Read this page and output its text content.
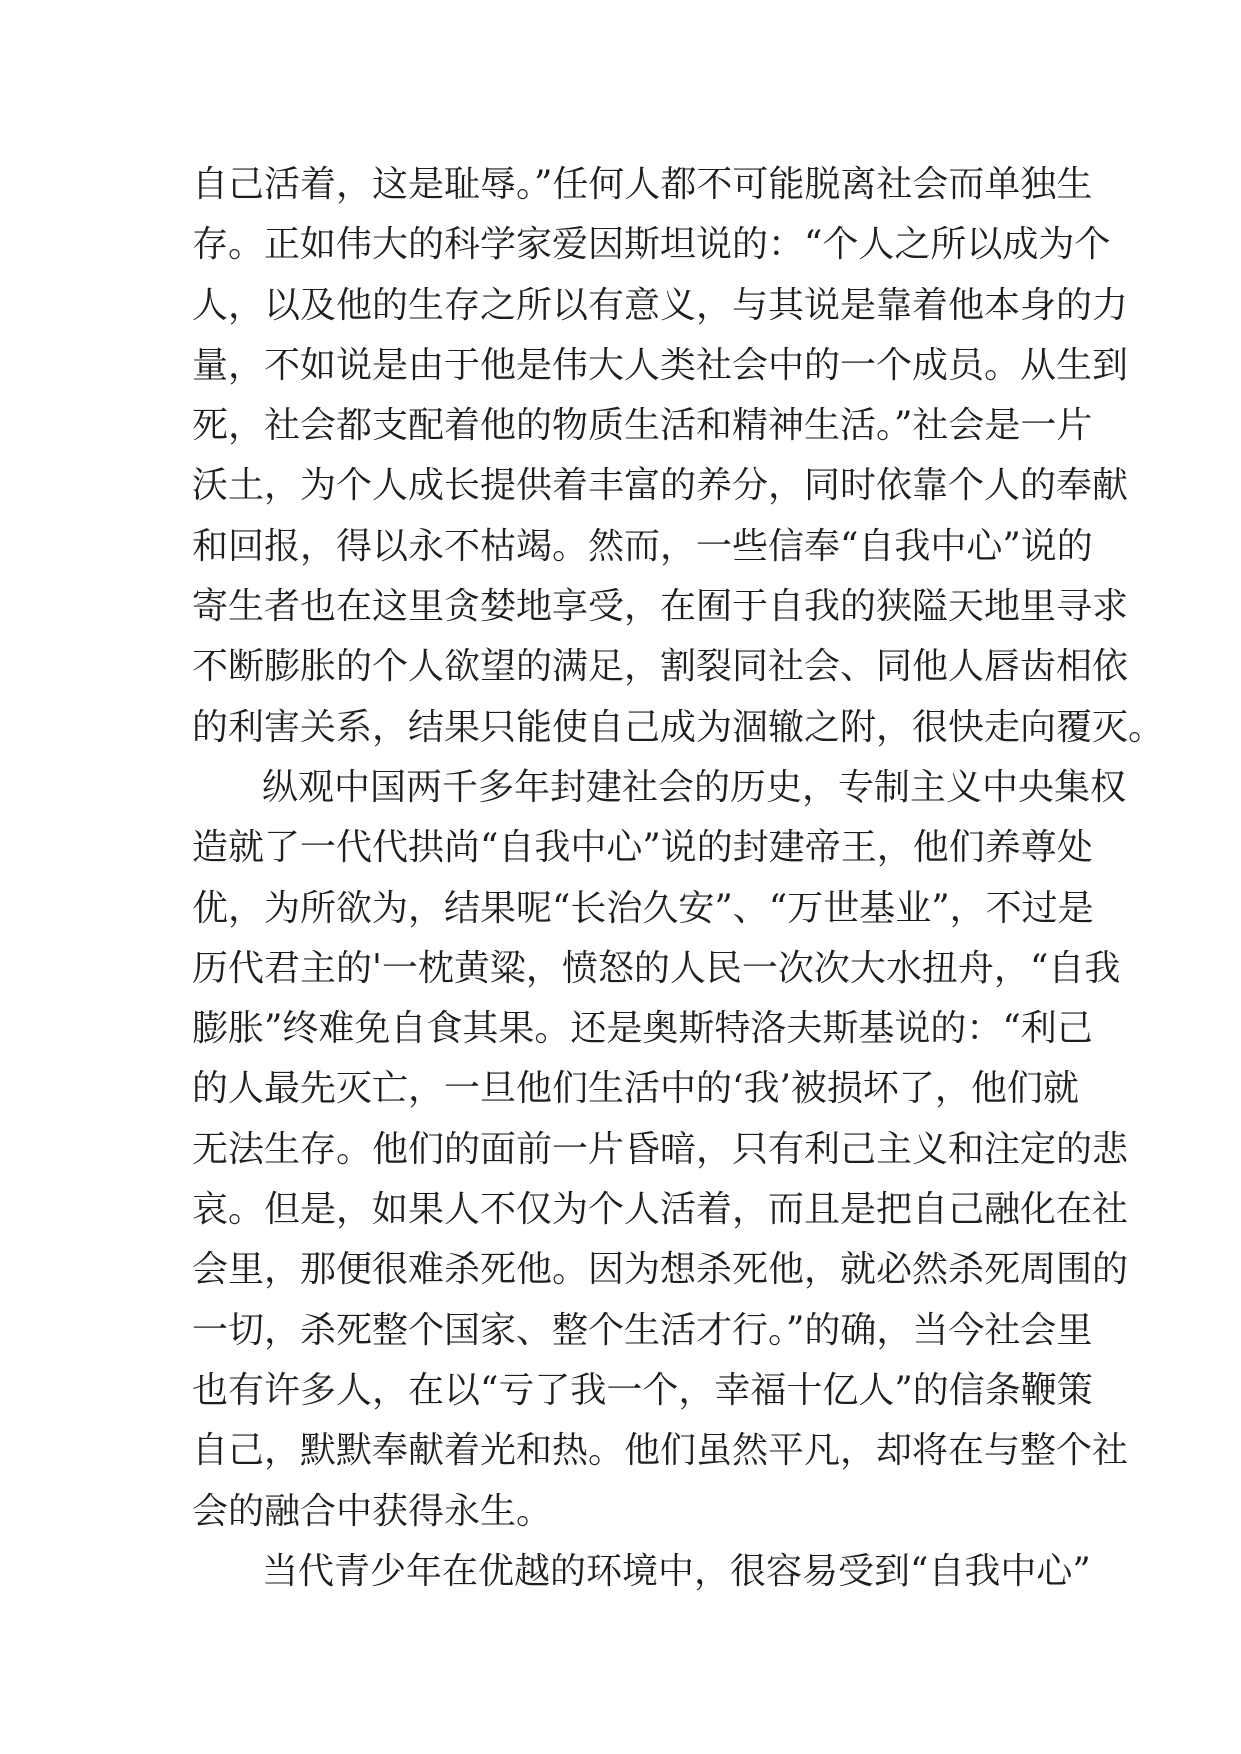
自己活着，这是耻辱。”任何人都不可能脱离社会而单独生
存。正如伟大的科学家爱因斯坦说的：“个人之所以成为个
人，以及他的生存之所以有意义，与其说是靠着他本身的力
量，不如说是由于他是伟大人类社会中的一个成员。从生到
死，社会都支配着他的物质生活和精神生活。”社会是一片
沃土，为个人成长提供着丰富的养分，同时依靠个人的奉献
和回报，得以永不枯竭。然而，一些信奉“自我中心”说的
寄生者也在这里贪婪地享受，在囿于自我的狭隘天地里寻求
不断膨胀的个人欲望的满足，割裂同社会、同他人唇齿相依
的利害关系，结果只能使自己成为涸辙之附，很快走向覆灭。
纵观中国两千多年封建社会的历史，专制主义中央集权
造就了一代代拱尚“自我中心”说的封建帝王，他们养尊处
优，为所欲为，结果呢“长治久安”、“万世基业”，不过是
历代君主的'一枕黄粱，愤怒的人民一次次大水扭舟，“自我
膨胀”终难免自食其果。还是奥斯特洛夫斯基说的：“利己
的人最先灭亡，一旦他们生活中的‘我’被损坏了，他们就
无法生存。他们的面前一片昏暗，只有利己主义和注定的悲
哀。但是，如果人不仅为个人活着，而且是把自己融化在社
会里，那便很难杀死他。因为想杀死他，就必然杀死周围的
一切，杀死整个国家、整个生活才行。”的确，当今社会里
也有许多人，在以“亏了我一个，幸福十亿人”的信条鞭策
自己，默默奉献着光和热。他们虽然平凡，却将在与整个社
会的融合中获得永生。
当代青少年在优越的环境中，很容易受到“自我中心”
